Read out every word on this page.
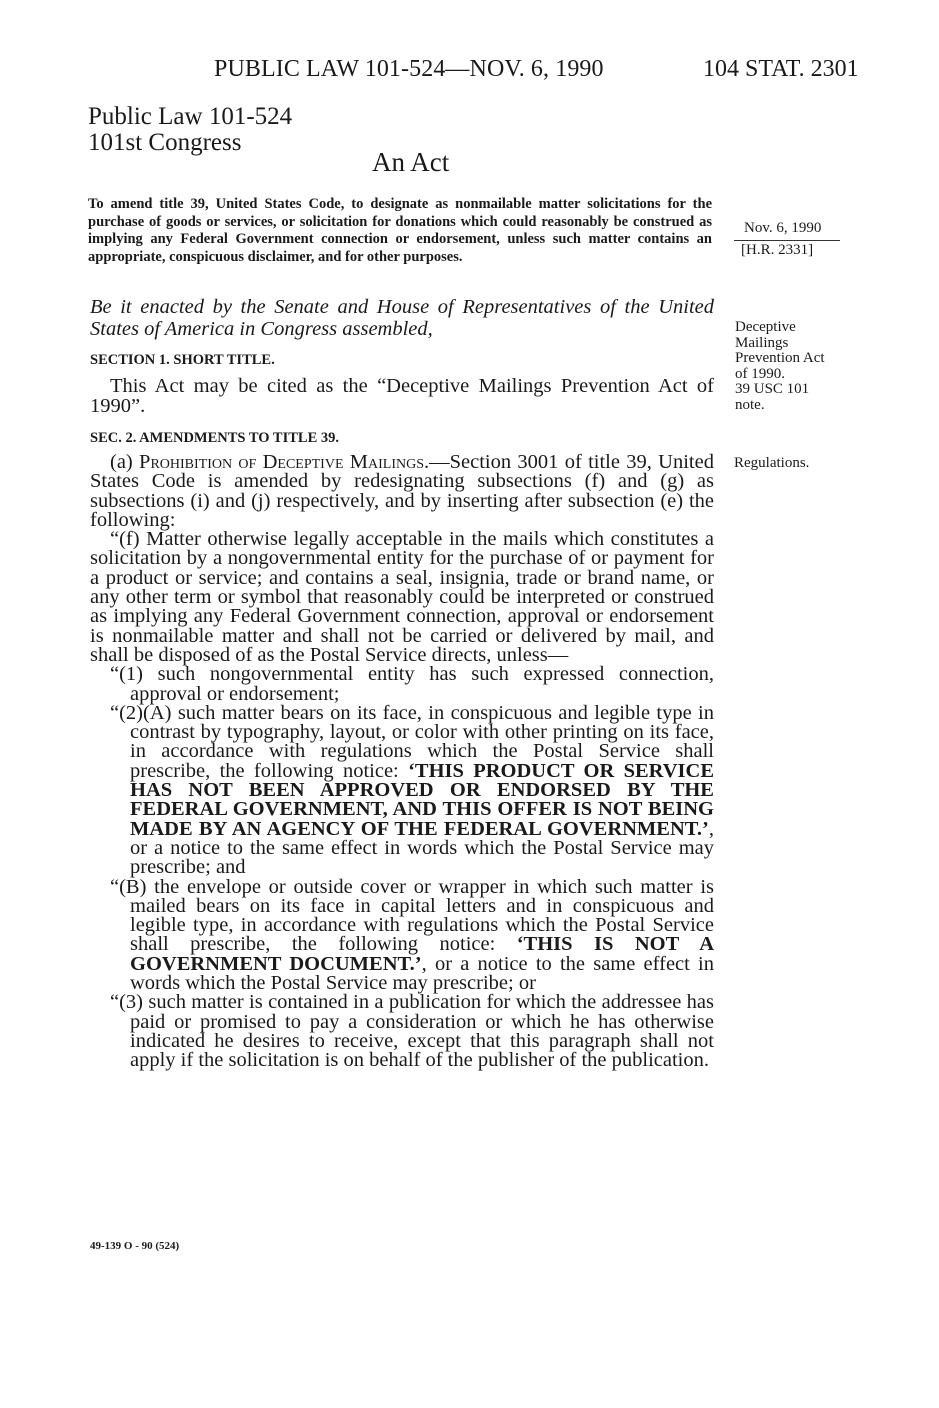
PUBLIC LAW 101-524—NOV. 6, 1990	104 STAT. 2301
Public Law 101-524
101st Congress
An Act
To amend title 39, United States Code, to designate as nonmailable matter solicitations for the purchase of goods or services, or solicitation for donations which could reasonably be construed as implying any Federal Government connection or endorsement, unless such matter contains an appropriate, conspicuous disclaimer, and for other purposes.
Nov. 6, 1990
[H.R. 2331]
Deceptive
Mailings
Prevention Act
of 1990.
39 USC 101
note.
Regulations.
Be it enacted by the Senate and House of Representatives of the United States of America in Congress assembled,
SECTION 1. SHORT TITLE.
This Act may be cited as the “Deceptive Mailings Prevention Act of 1990”.
SEC. 2. AMENDMENTS TO TITLE 39.

(a) Prohibition of Deceptive Mailings.—Section 3001 of title 39, United States Code is amended by redesignating subsections (f) and (g) as subsections (i) and (j) respectively, and by inserting after subsection (e) the following:

“(f) Matter otherwise legally acceptable in the mails which constitutes a solicitation by a nongovernmental entity for the purchase of or payment for a product or service; and contains a seal, insignia, trade or brand name, or any other term or symbol that reasonably could be interpreted or construed as implying any Federal Government connection, approval or endorsement is nonmailable matter and shall not be carried or delivered by mail, and shall be disposed of as the Postal Service directs, unless—

“(1) such nongovernmental entity has such expressed connection, approval or endorsement;

“(2)(A) such matter bears on its face, in conspicuous and legible type in contrast by typography, layout, or color with other printing on its face, in accordance with regulations which the Postal Service shall prescribe, the following notice: ‘THIS PRODUCT OR SERVICE HAS NOT BEEN APPROVED OR ENDORSED BY THE FEDERAL GOVERNMENT, AND THIS OFFER IS NOT BEING MADE BY AN AGENCY OF THE FEDERAL GOVERNMENT.’, or a notice to the same effect in words which the Postal Service may prescribe; and

“(B) the envelope or outside cover or wrapper in which such matter is mailed bears on its face in capital letters and in conspicuous and legible type, in accordance with regulations which the Postal Service shall prescribe, the following notice: ‘THIS IS NOT A GOVERNMENT DOCUMENT.’, or a notice to the same effect in words which the Postal Service may prescribe; or

“(3) such matter is contained in a publication for which the addressee has paid or promised to pay a consideration or which he has otherwise indicated he desires to receive, except that this paragraph shall not apply if the solicitation is on behalf of the publisher of the publication.

49-139 O - 90 (524)
